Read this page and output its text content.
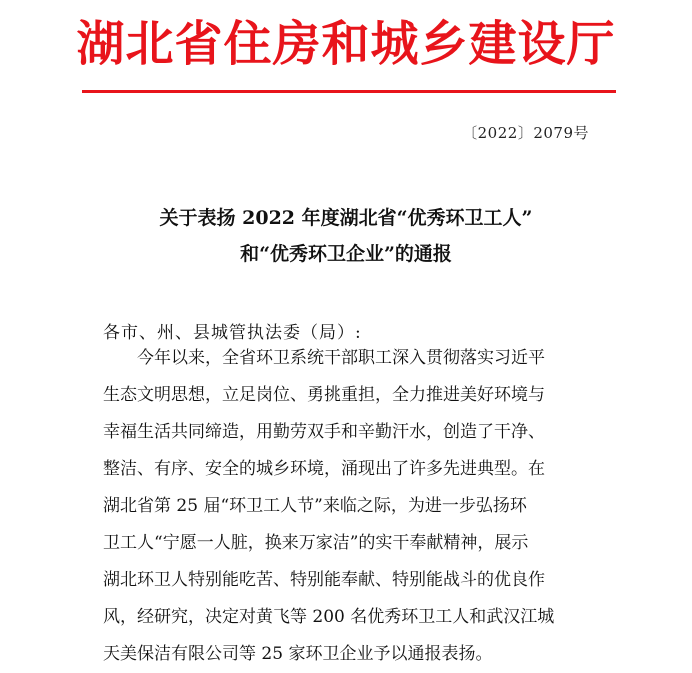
湖北省住房和城乡建设厅
〔2022〕2079号
关于表扬 2022 年度湖北省“优秀环卫工人”
和“优秀环卫企业”的通报
各市、州、县城管执法委（局）:
今年以来，全省环卫系统干部职工深入贯彻落实习近平
生态文明思想，立足岗位、勇挑重担，全力推进美好环境与
幸福生活共同缔造，用勤劳双手和辛勤汗水，创造了干净、
整洁、有序、安全的城乡环境，涌现出了许多先进典型。在
湖北省第 25 届“环卫工人节”来临之际，为进一步弘扬环
卫工人“宁愿一人脏，换来万家洁”的实干奉献精神，展示
湖北环卫人特别能吃苦、特别能奉献、特别能战斗的优良作
风，经研究，决定对黄飞等 200 名优秀环卫工人和武汉江城
天美保洁有限公司等 25 家环卫企业予以通报表扬。
